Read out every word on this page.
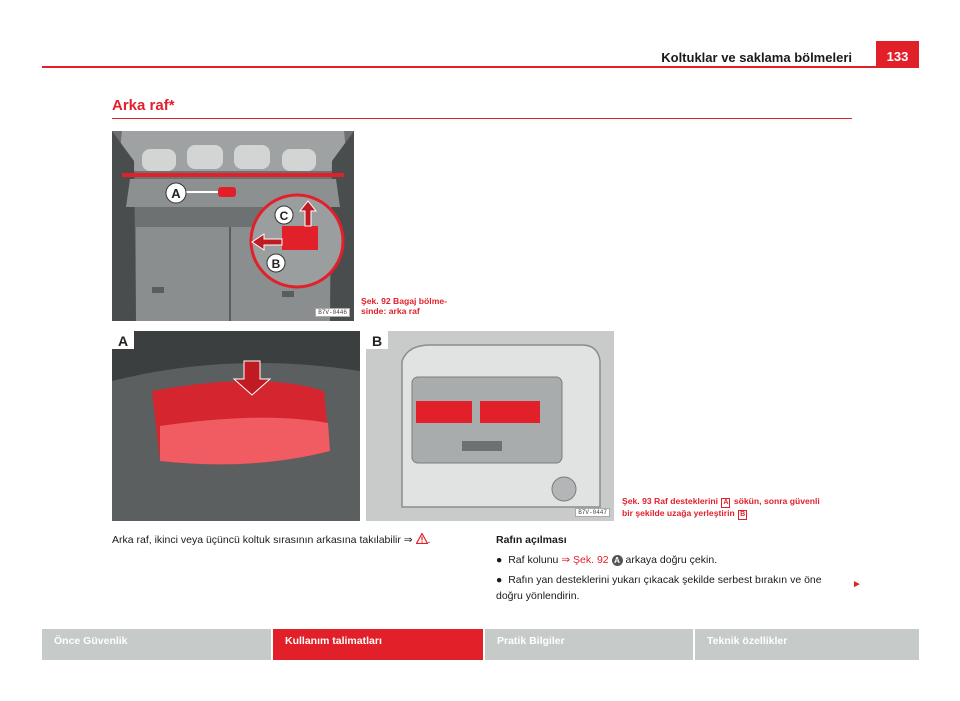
Koltuklar ve saklama bölmeleri	133
Arka raf*
A
C
B
B7V-0446
Şek. 92 Bagaj bölme-
sinde: arka raf
A	B
B7V-0447
Şek. 93 Raf desteklerini A sökün, sonra güvenli
bir şekilde uzağa yerleştirin B
Arka raf, ikinci veya üçüncü koltuk sırasının arkasına takılabilir ⇒ .	Rafın açılması
● Raf kolunu ⇒ Şek. 92 A arkaya doğru çekin.
● Rafın yan desteklerini yukarı çıkacak şekilde serbest bırakın ve öne
doğru yönlendirin.
►
Önce Güvenlik	Kullanım talimatları	Pratik Bilgiler	Teknik özellikler
